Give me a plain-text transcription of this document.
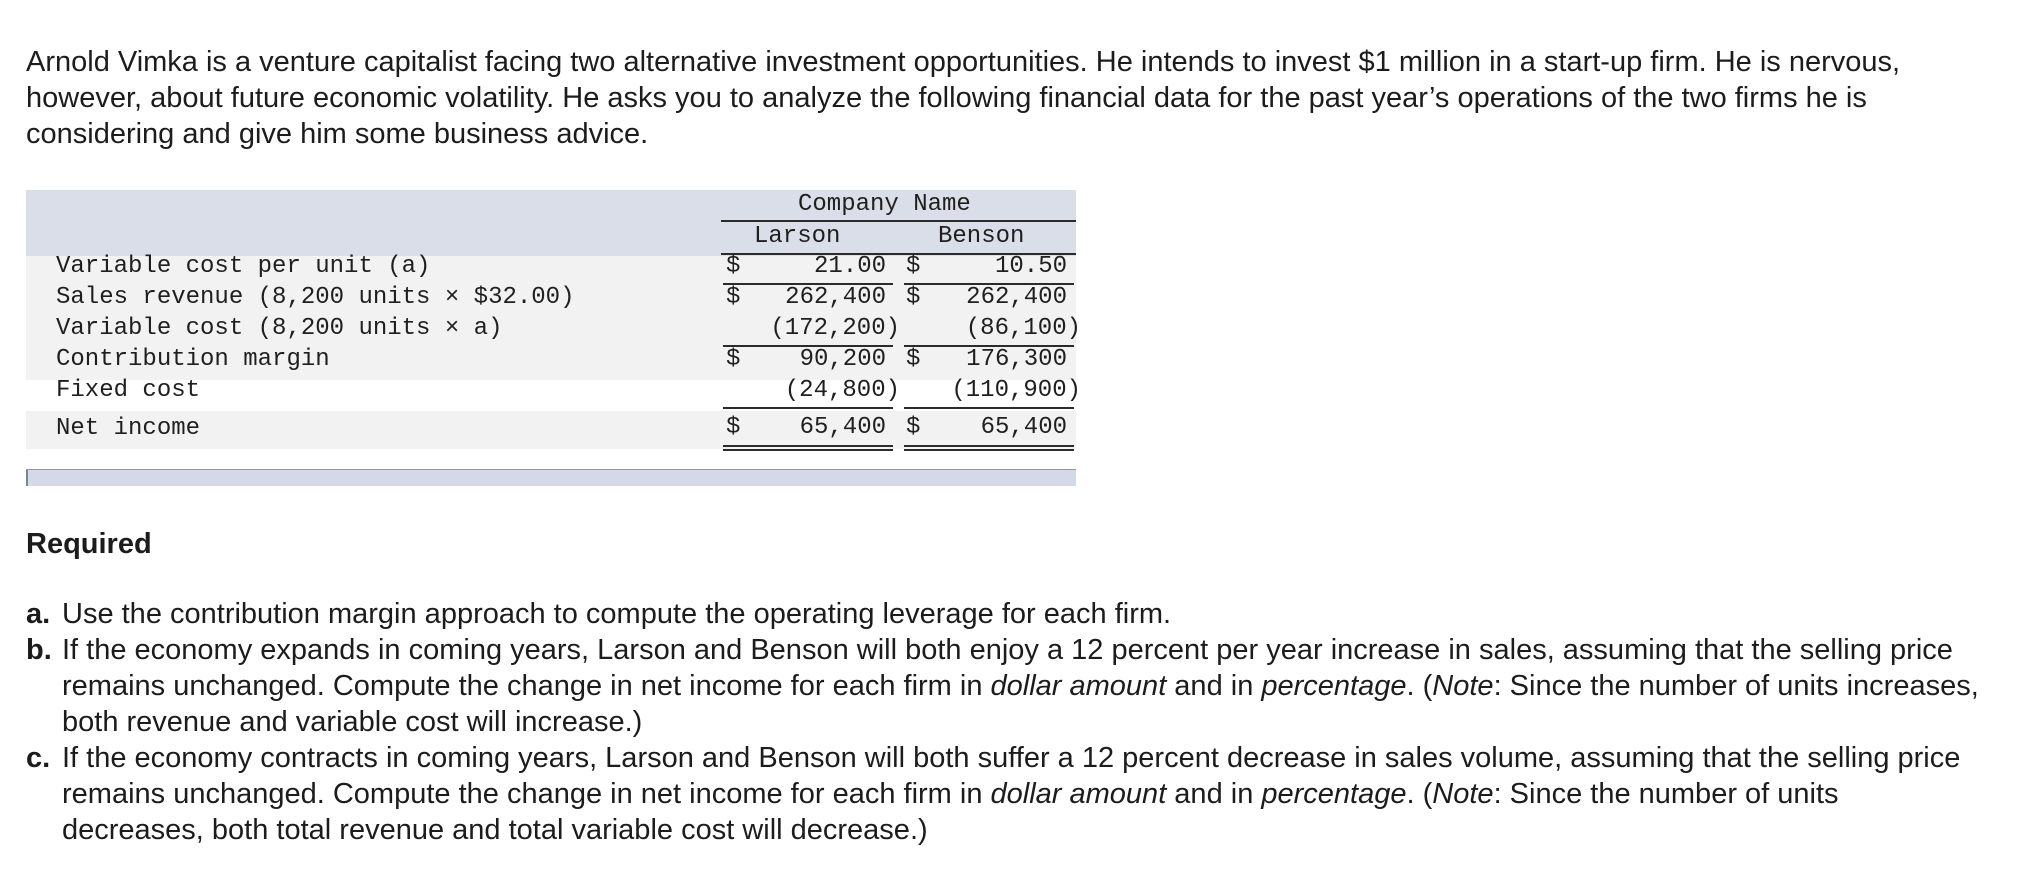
Arnold Vimka is a venture capitalist facing two alternative investment opportunities. He intends to invest $1 million in a start-up firm. He is nervous, however, about future economic volatility. He asks you to analyze the following financial data for the past year’s operations of the two firms he is considering and give him some business advice.

Company Name
Larson	Benson
Variable cost per unit (a)	$	21.00 $	10.50
Sales revenue (8,200 units × $32.00)	$	262,400 $	262,400
Variable cost (8,200 units × a)	(172,200)	(86,100)
Contribution margin	$	90,200 $	176,300
Fixed cost	(24,800)	(110,900)
Net income	$	65,400 $	65,400

Required

a. Use the contribution margin approach to compute the operating leverage for each firm.
b. If the economy expands in coming years, Larson and Benson will both enjoy a 12 percent per year increase in sales, assuming that the selling price remains unchanged. Compute the change in net income for each firm in dollar amount and in percentage. (Note: Since the number of units increases, both revenue and variable cost will increase.)
c. If the economy contracts in coming years, Larson and Benson will both suffer a 12 percent decrease in sales volume, assuming that the selling price remains unchanged. Compute the change in net income for each firm in dollar amount and in percentage. (Note: Since the number of units decreases, both total revenue and total variable cost will decrease.)
